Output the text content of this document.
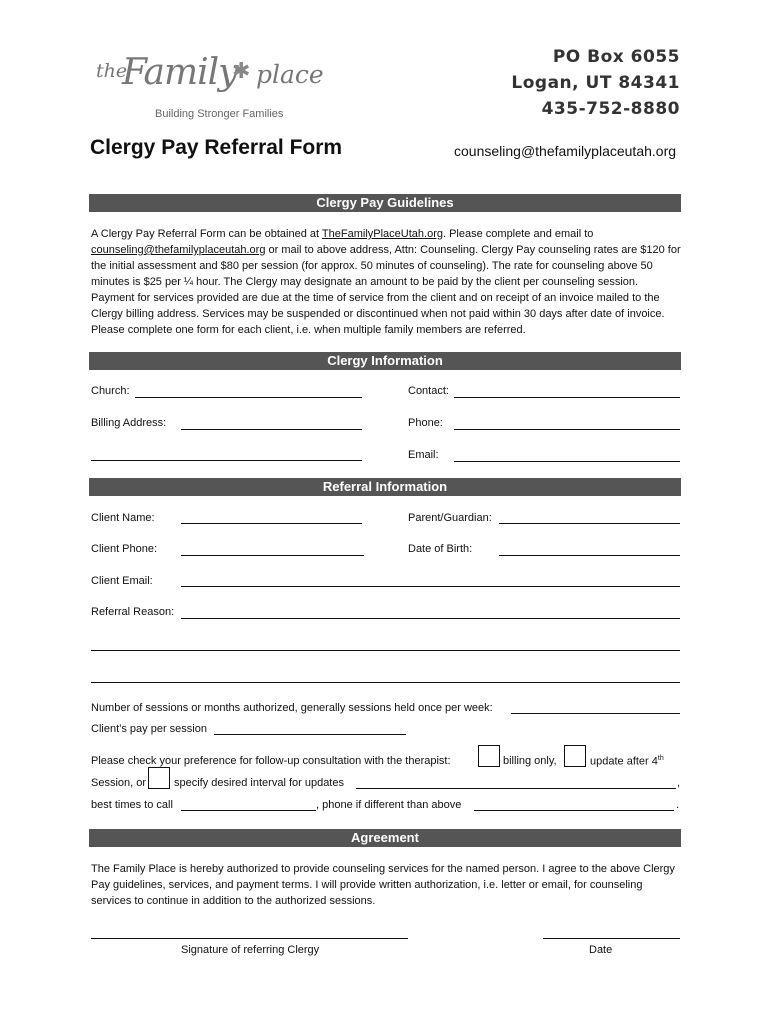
the
Family
✱ place
Building Stronger Families
PO Box 6055
Logan, UT 84341
435-752-8880
Clergy Pay Referral Form	counseling@thefamilyplaceutah.org
Clergy Pay Guidelines
A Clergy Pay Referral Form can be obtained at TheFamilyPlaceUtah.org. Please complete and email to
counseling@thefamilyplaceutah.org or mail to above address, Attn: Counseling. Clergy Pay counseling rates are $120 for the initial assessment and $80 per session (for approx. 50 minutes of counseling). The rate for counseling above 50 minutes is $25 per ¼ hour. The Clergy may designate an amount to be paid by the client per counseling session. Payment for services provided are due at the time of service from the client and on receipt of an invoice mailed to the Clergy billing address. Services may be suspended or discontinued when not paid within 30 days after date of invoice. Please complete one form for each client, i.e. when multiple family members are referred.
Clergy Information
Church:	Contact:
Billing Address:	Phone:
Email:
Referral Information
Client Name:	Parent/Guardian:
Client Phone:	Date of Birth:
Client Email:
Referral Reason:
Number of sessions or months authorized, generally sessions held once per week:
Client’s pay per session
Please check your preference for follow-up consultation with the therapist:	billing only,	update after 4th
Session, or	specify desired interval for updates	,
best times to call	, phone if different than above	.
Agreement
The Family Place is hereby authorized to provide counseling services for the named person. I agree to the above Clergy Pay guidelines, services, and payment terms. I will provide written authorization, i.e. letter or email, for counseling services to continue in addition to the authorized sessions.
Signature of referring Clergy	Date
